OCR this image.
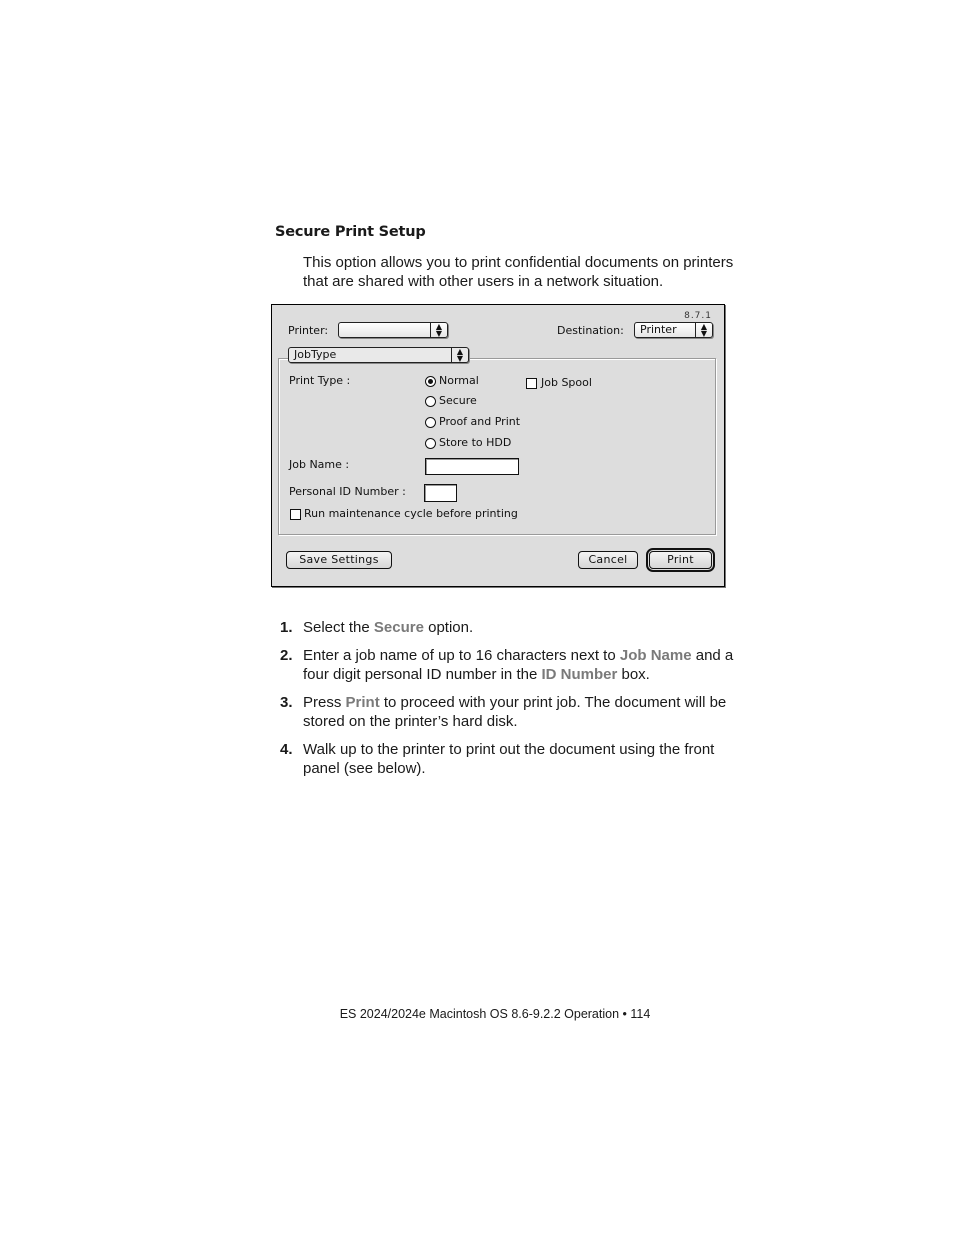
Secure Print Setup
This option allows you to print confidential documents on printers that are shared with other users in a network situation.
8.7.1
Printer:	▲
▼	Destination:	Printer	▲
▼
JobType	▲
▼
Print Type :	Normal
Secure
Proof and Print
Store to HDD
Job Spool
Job Name :
Personal ID Number :
Run maintenance cycle before printing
Save Settings	Cancel	Print
1. Select the Secure option.
2. Enter a job name of up to 16 characters next to Job Name and a four digit personal ID number in the ID Number box.
3. Press Print to proceed with your print job. The document will be stored on the printer’s hard disk.
4. Walk up to the printer to print out the document using the front panel (see below).
ES 2024/2024e Macintosh OS 8.6-9.2.2 Operation • 114
